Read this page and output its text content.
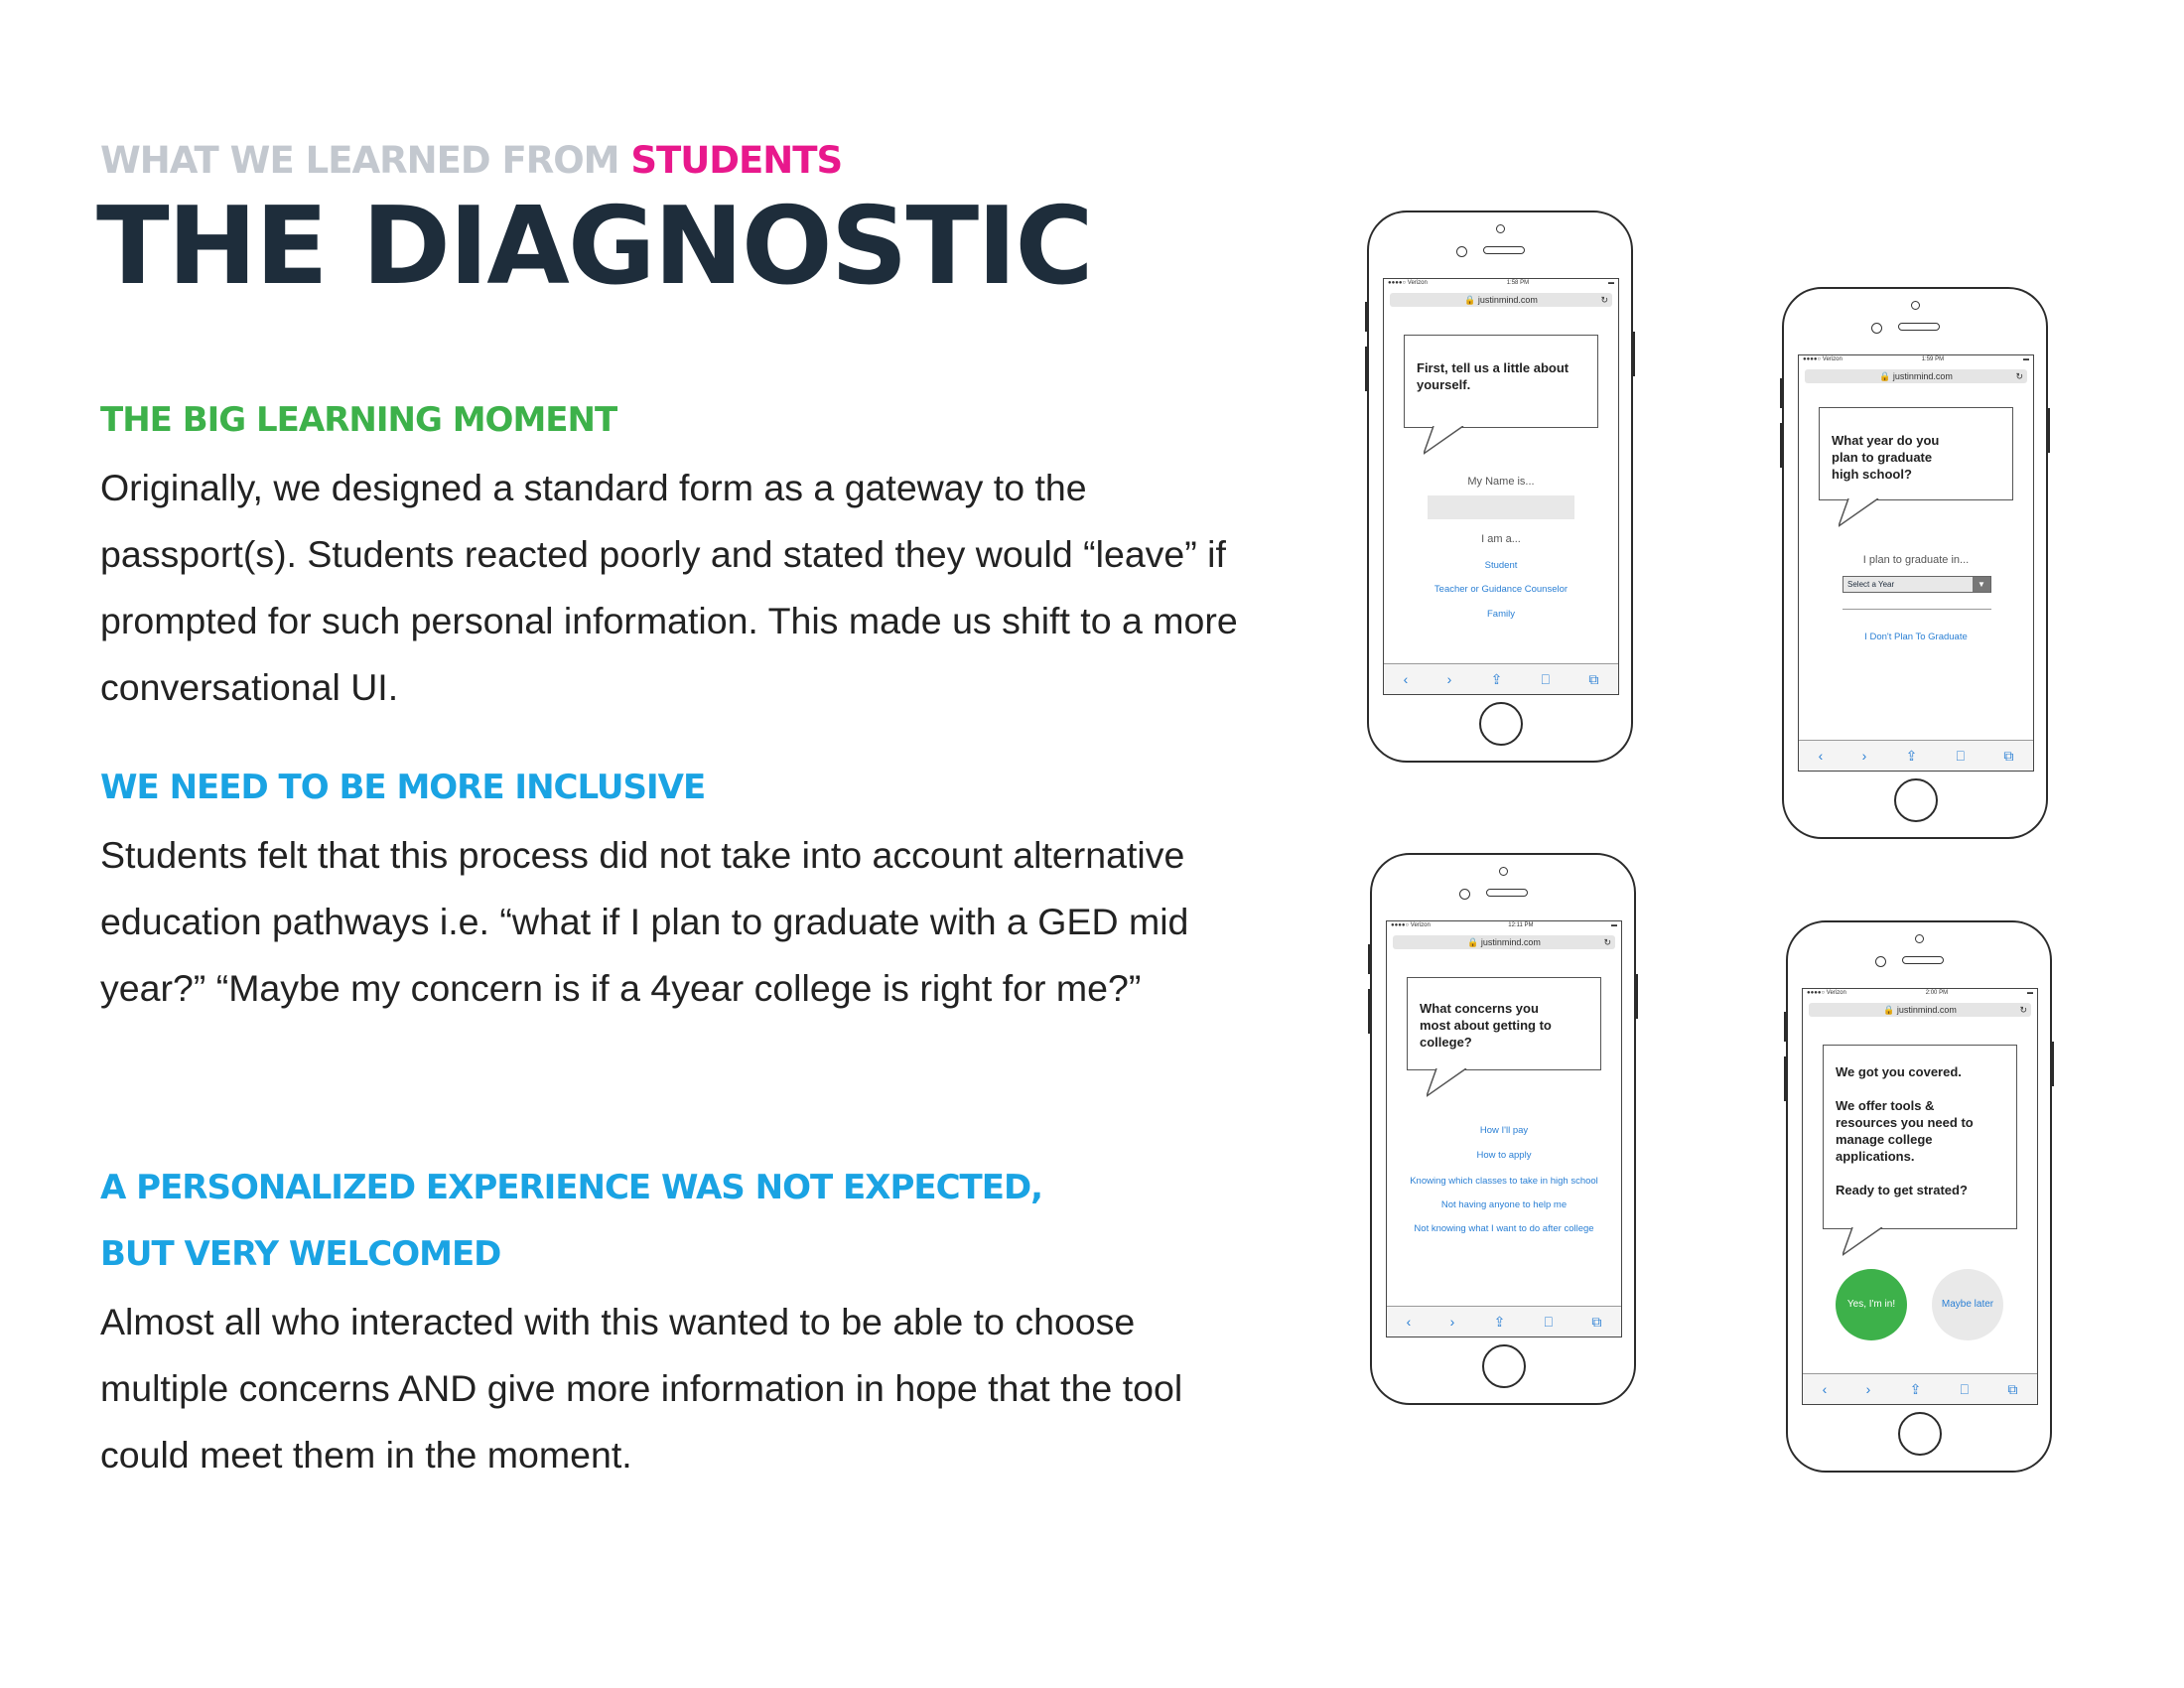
WHAT WE LEARNED FROM STUDENTS
THE DIAGNOSTIC
THE BIG LEARNING MOMENT

Originally, we designed a standard form as a gateway to the passport(s). Students reacted poorly and stated they would “leave” if prompted for such personal information. This made us shift to a more conversational UI.

WE NEED TO BE MORE INCLUSIVE

Students felt that this process did not take into account alternative education pathways i.e. “what if I plan to graduate with a GED mid year?” “Maybe my concern is if a 4year college is right for me?”

A PERSONALIZED EXPERIENCE WAS NOT EXPECTED,
BUT VERY WELCOMED

Almost all who interacted with this wanted to be able to choose multiple concerns AND give more information in hope that the tool could meet them in the moment.

●●●●○ Verizon	1:58 PM	▬
🔒 justinmind.com	↻
First, tell us a little about yourself.
My Name is...
I am a...
Student
Teacher or Guidance Counselor
Family
‹	›	⇪	⎕	⧉
●●●●○ Verizon	1:59 PM	▬
🔒 justinmind.com	↻
What year do you plan to graduate high school?
I plan to graduate in...
Select a Year	▼
I Don't Plan To Graduate
‹	›	⇪	⎕	⧉
●●●●○ Verizon	12:11 PM	▬
🔒 justinmind.com	↻
What concerns you most about getting to college?
How I'll pay
How to apply
Knowing which classes to take in high school
Not having anyone to help me
Not knowing what I want to do after college
‹	›	⇪	⎕	⧉
●●●●○ Verizon	2:00 PM	▬
🔒 justinmind.com	↻
We got you covered.
We offer tools & resources you need to manage college applications.
Ready to get strated?
Yes, I'm in!	Maybe later
‹	›	⇪	⎕	⧉
